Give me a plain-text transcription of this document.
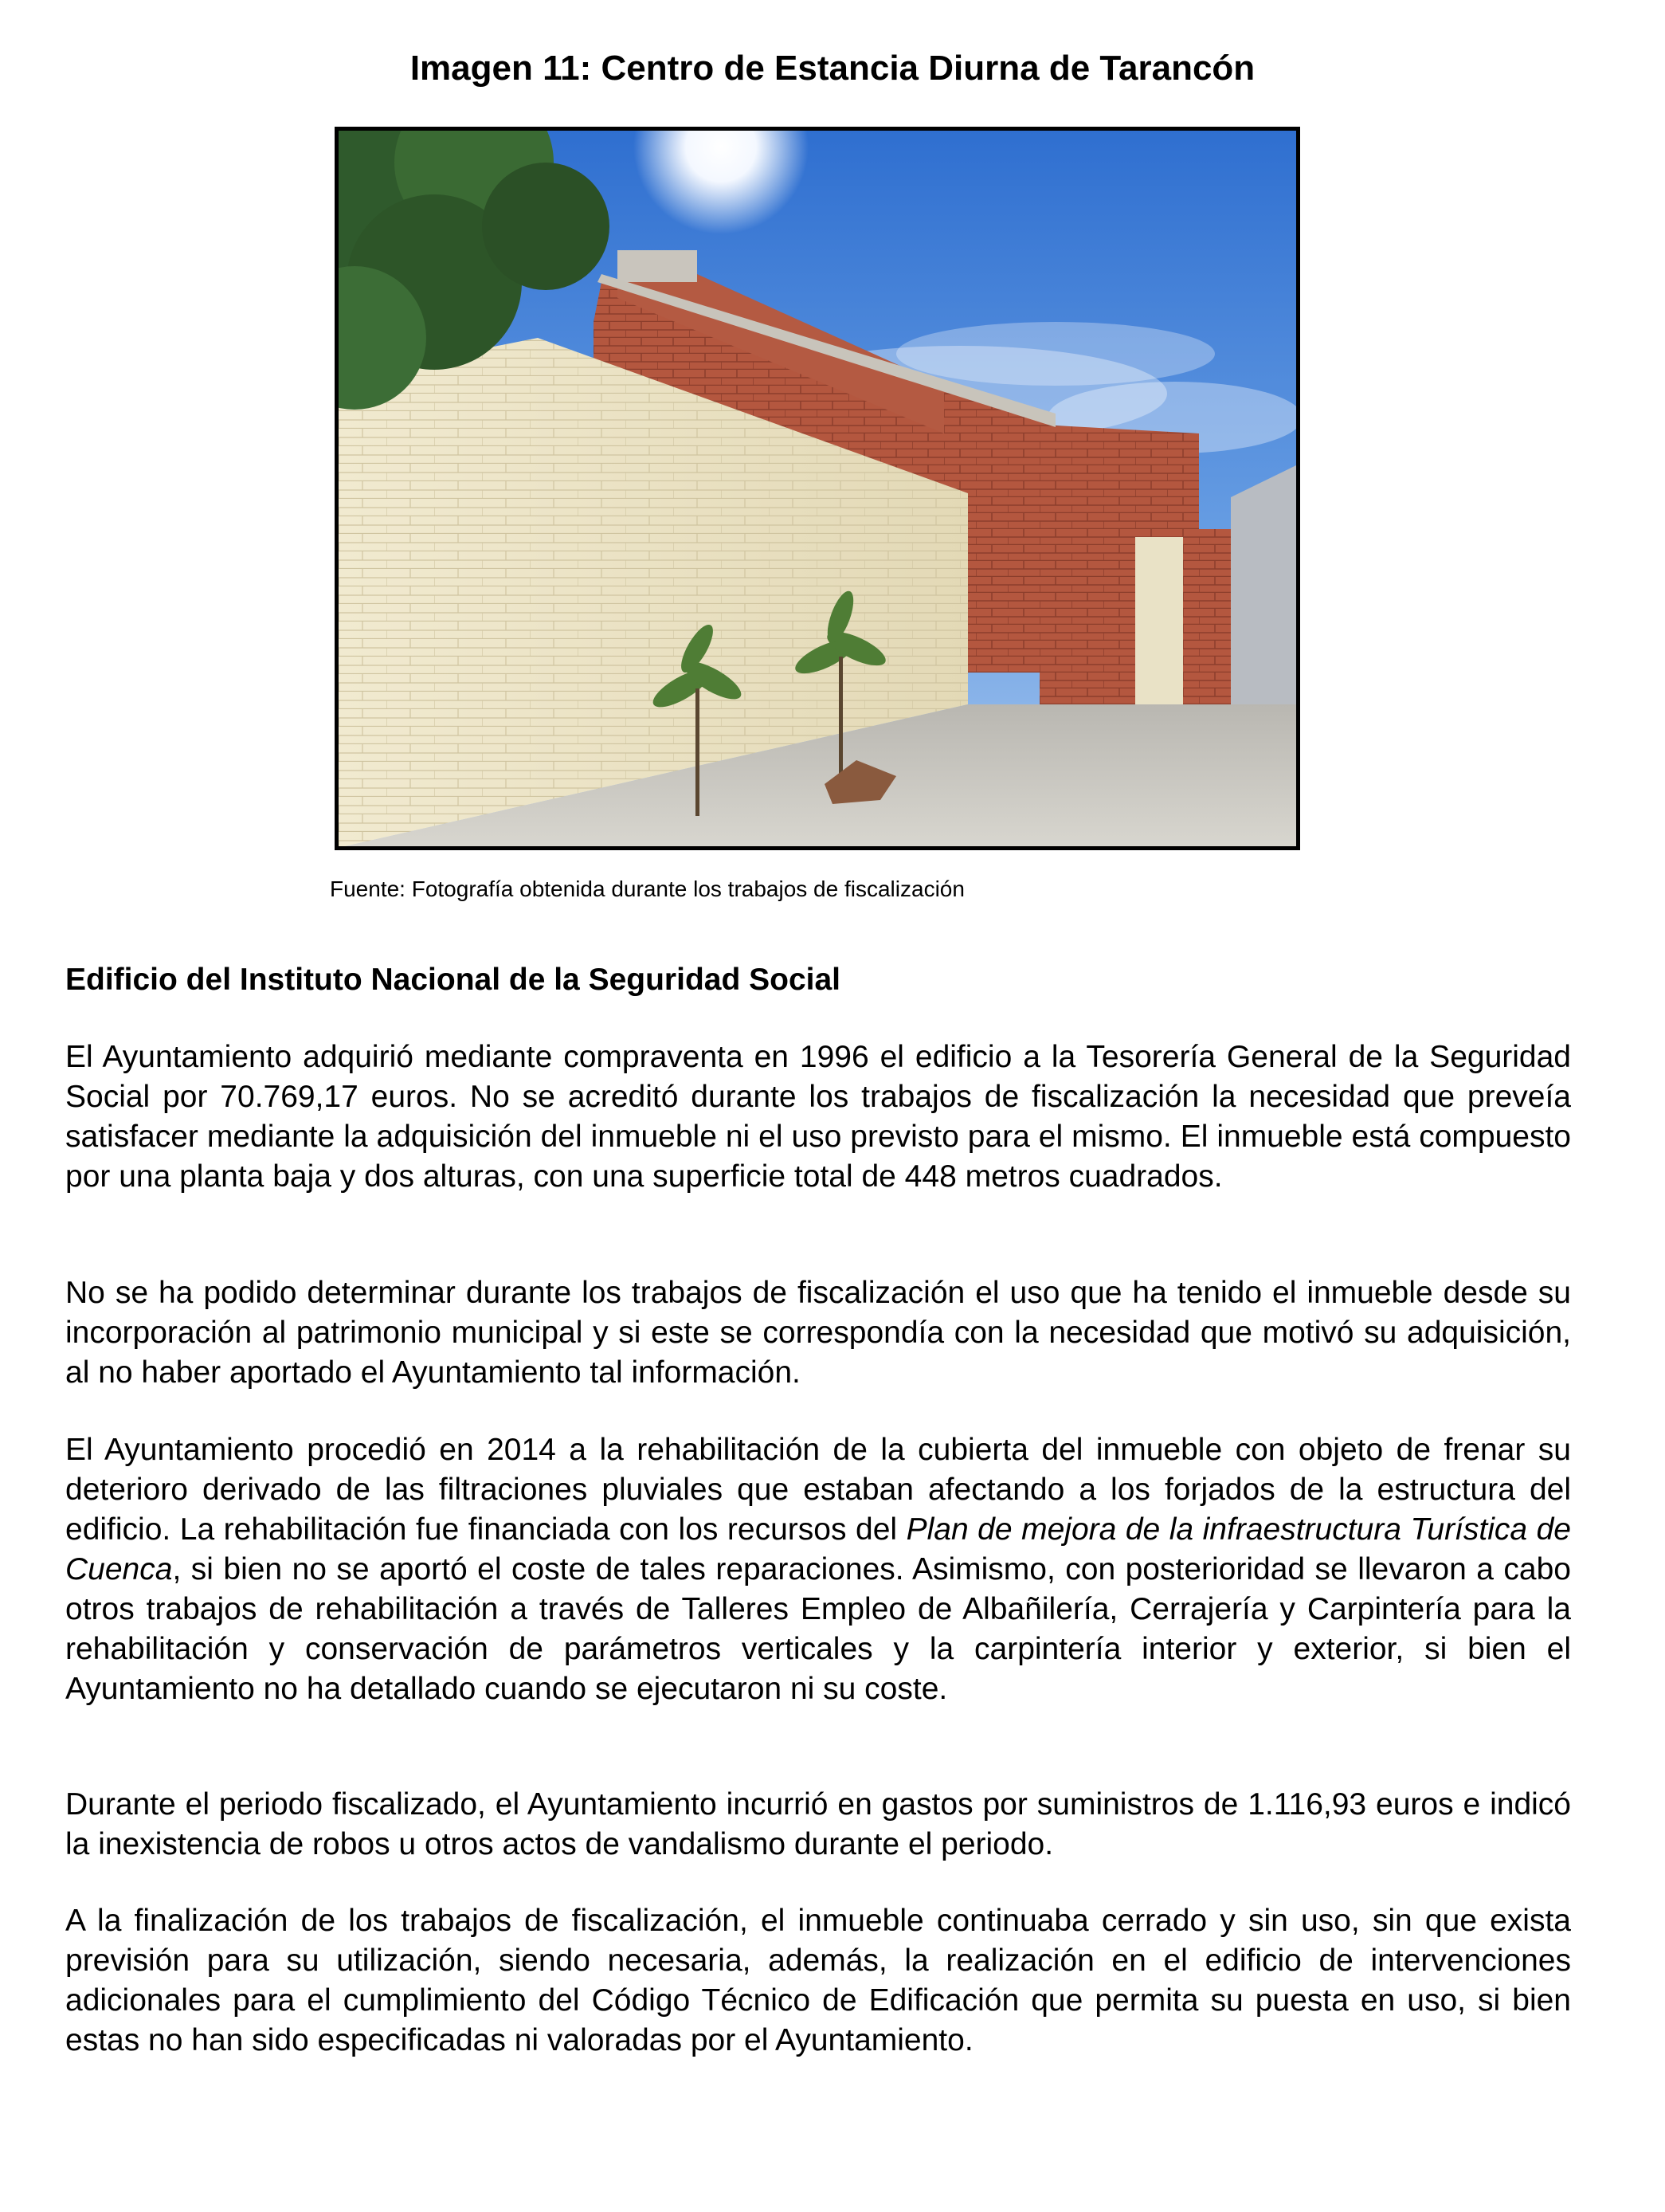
Imagen 11: Centro de Estancia Diurna de Tarancón
Fuente: Fotografía obtenida durante los trabajos de fiscalización
Edificio del Instituto Nacional de la Seguridad Social

El Ayuntamiento adquirió mediante compraventa en 1996 el edificio a la Tesorería General de la Seguridad Social por 70.769,17 euros. No se acreditó durante los trabajos de fiscalización la necesidad que preveía satisfacer mediante la adquisición del inmueble ni el uso previsto para el mismo. El inmueble está compuesto por una planta baja y dos alturas, con una superficie total de 448 metros cuadrados.

No se ha podido determinar durante los trabajos de fiscalización el uso que ha tenido el inmueble desde su incorporación al patrimonio municipal y si este se correspondía con la necesidad que motivó su adquisición, al no haber aportado el Ayuntamiento tal información.

El Ayuntamiento procedió en 2014 a la rehabilitación de la cubierta del inmueble con objeto de frenar su deterioro derivado de las filtraciones pluviales que estaban afectando a los forjados de la estructura del edificio. La rehabilitación fue financiada con los recursos del Plan de mejora de la infraestructura Turística de Cuenca, si bien no se aportó el coste de tales reparaciones. Asimismo, con posterioridad se llevaron a cabo otros trabajos de rehabilitación a través de Talleres Empleo de Albañilería, Cerrajería y Carpintería para la rehabilitación y conservación de parámetros verticales y la carpintería interior y exterior, si bien el Ayuntamiento no ha detallado cuando se ejecutaron ni su coste.

Durante el periodo fiscalizado, el Ayuntamiento incurrió en gastos por suministros de 1.116,93 euros e indicó la inexistencia de robos u otros actos de vandalismo durante el periodo.

A la finalización de los trabajos de fiscalización, el inmueble continuaba cerrado y sin uso, sin que exista previsión para su utilización, siendo necesaria, además, la realización en el edificio de intervenciones adicionales para el cumplimiento del Código Técnico de Edificación que permita su puesta en uso, si bien estas no han sido especificadas ni valoradas por el Ayuntamiento.
